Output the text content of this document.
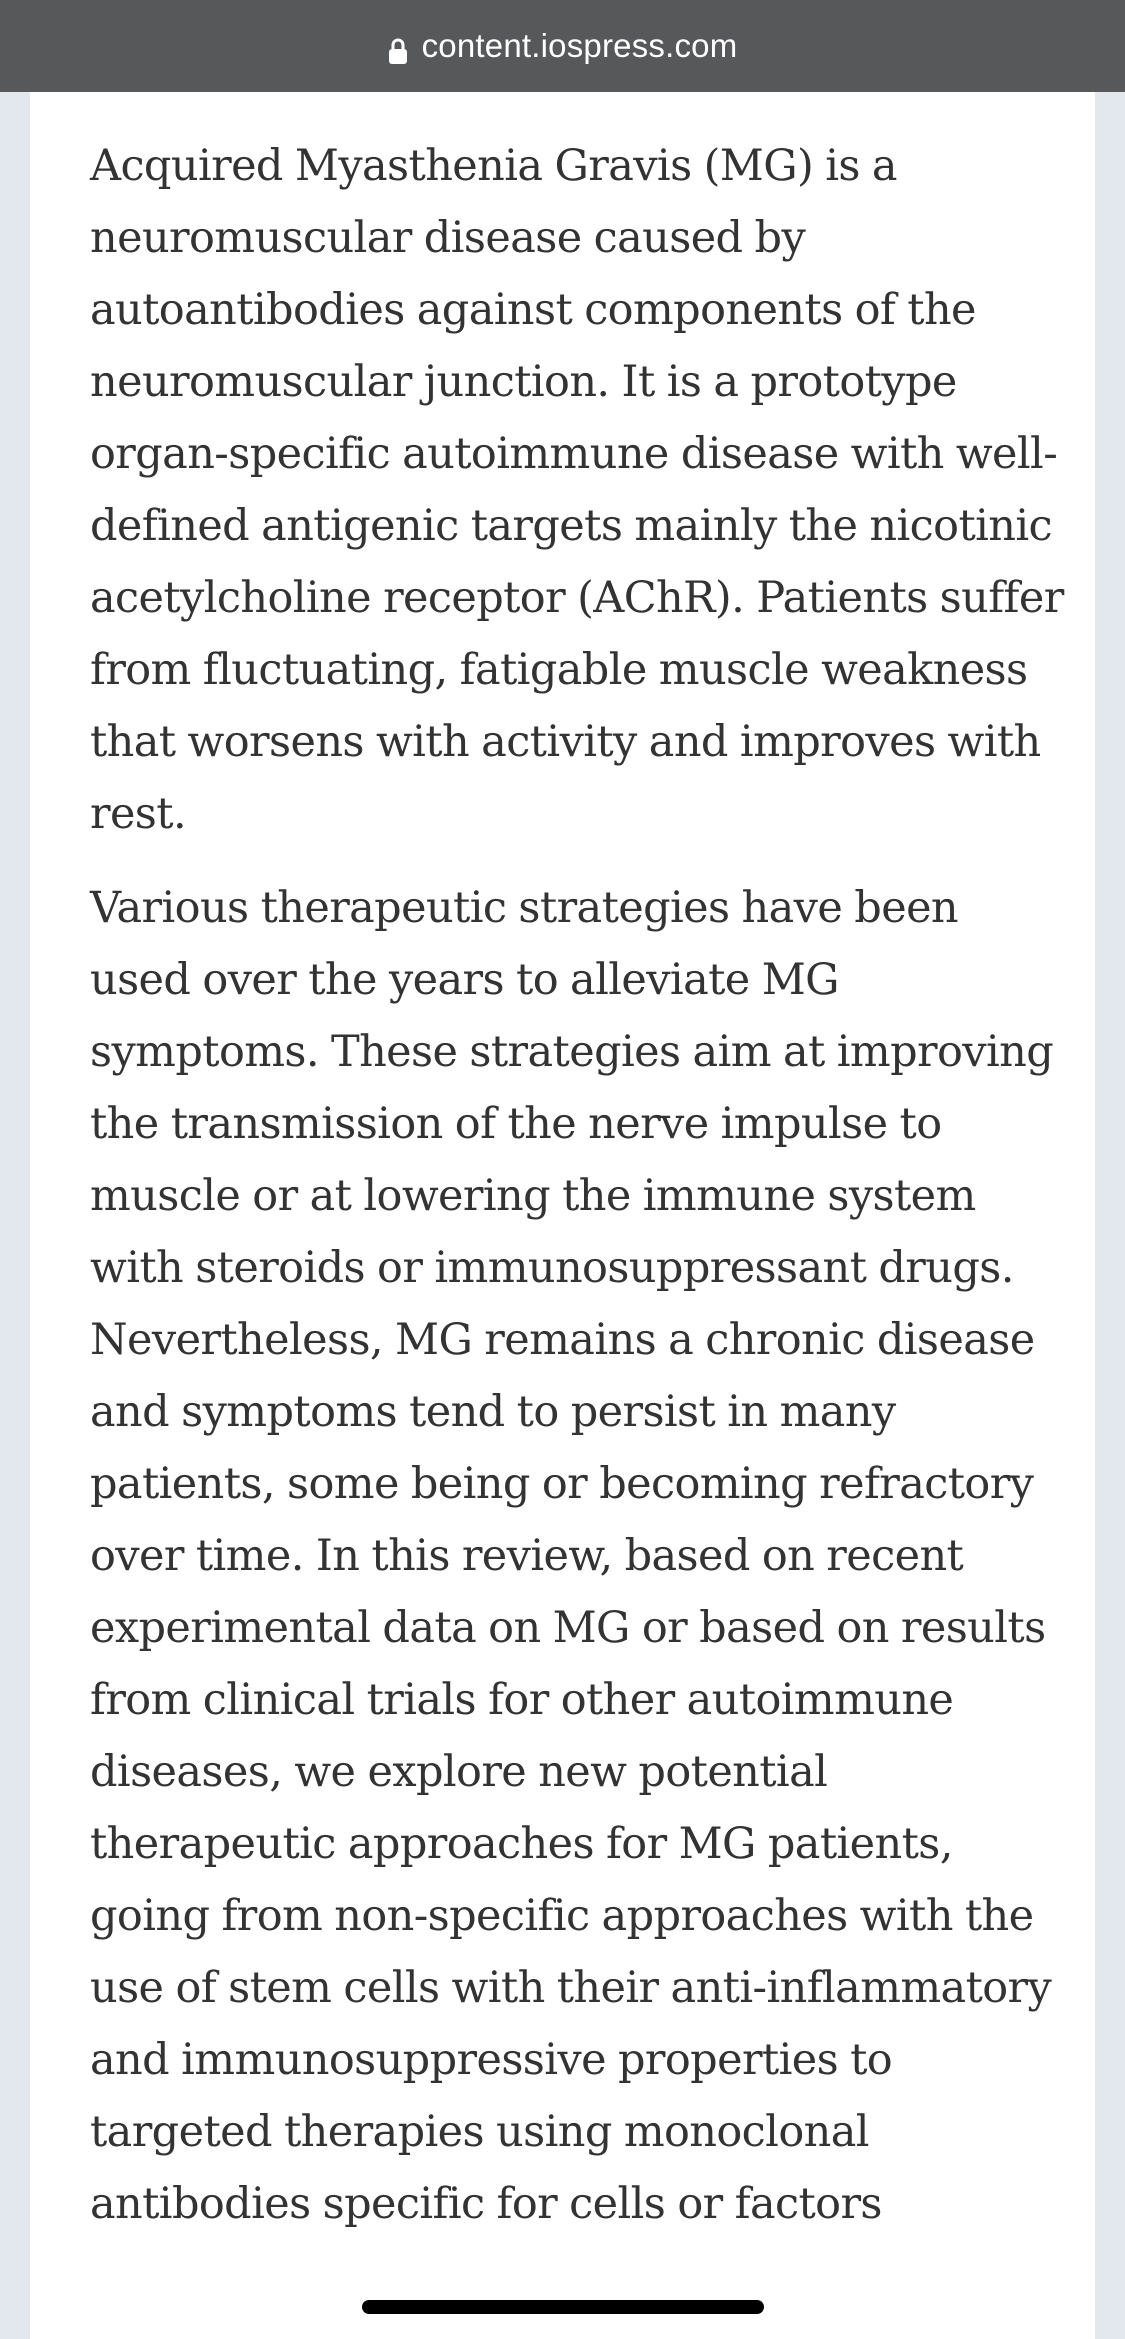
content.iospress.com

Acquired Myasthenia Gravis (MG) is a neuromuscular disease caused by autoantibodies against components of the neuromuscular junction. It is a prototype organ-specific autoimmune disease with well-defined antigenic targets mainly the nicotinic acetylcholine receptor (AChR). Patients suffer from fluctuating, fatigable muscle weakness that worsens with activity and improves with rest.

Various therapeutic strategies have been used over the years to alleviate MG symptoms. These strategies aim at improving the transmission of the nerve impulse to muscle or at lowering the immune system with steroids or immunosuppressant drugs. Nevertheless, MG remains a chronic disease and symptoms tend to persist in many patients, some being or becoming refractory over time. In this review, based on recent experimental data on MG or based on results from clinical trials for other autoimmune diseases, we explore new potential therapeutic approaches for MG patients, going from non-specific approaches with the use of stem cells with their anti-inflammatory and immunosuppressive properties to targeted therapies using monoclonal antibodies specific for cells or factors
